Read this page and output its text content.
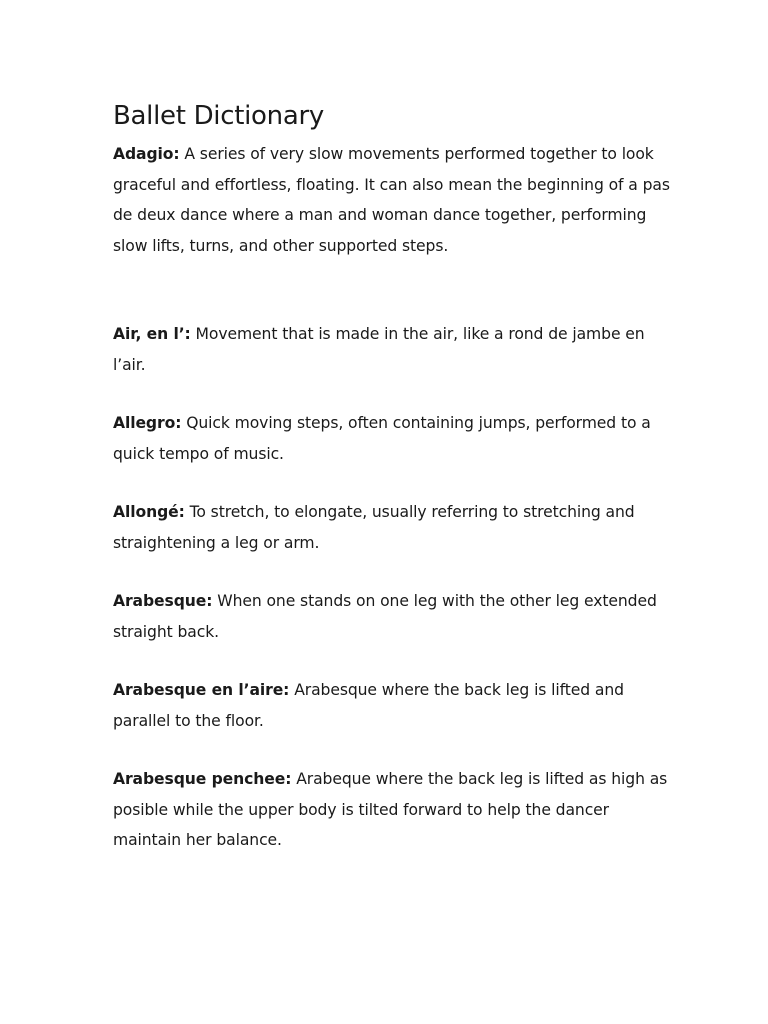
Ballet Dictionary

Adagio: A series of very slow movements performed together to look graceful and effortless, floating. It can also mean the beginning of a pas de deux dance where a man and woman dance together, performing slow lifts, turns, and other supported steps.

Air, en l’: Movement that is made in the air, like a rond de jambe en l’air.

Allegro: Quick moving steps, often containing jumps, performed to a quick tempo of music.

Allongé: To stretch, to elongate, usually referring to stretching and straightening a leg or arm.

Arabesque: When one stands on one leg with the other leg extended straight back.

Arabesque en l’aire: Arabesque where the back leg is lifted and parallel to the floor.

Arabesque penchee: Arabeque where the back leg is lifted as high as posible while the upper body is tilted forward to help the dancer maintain her balance.
